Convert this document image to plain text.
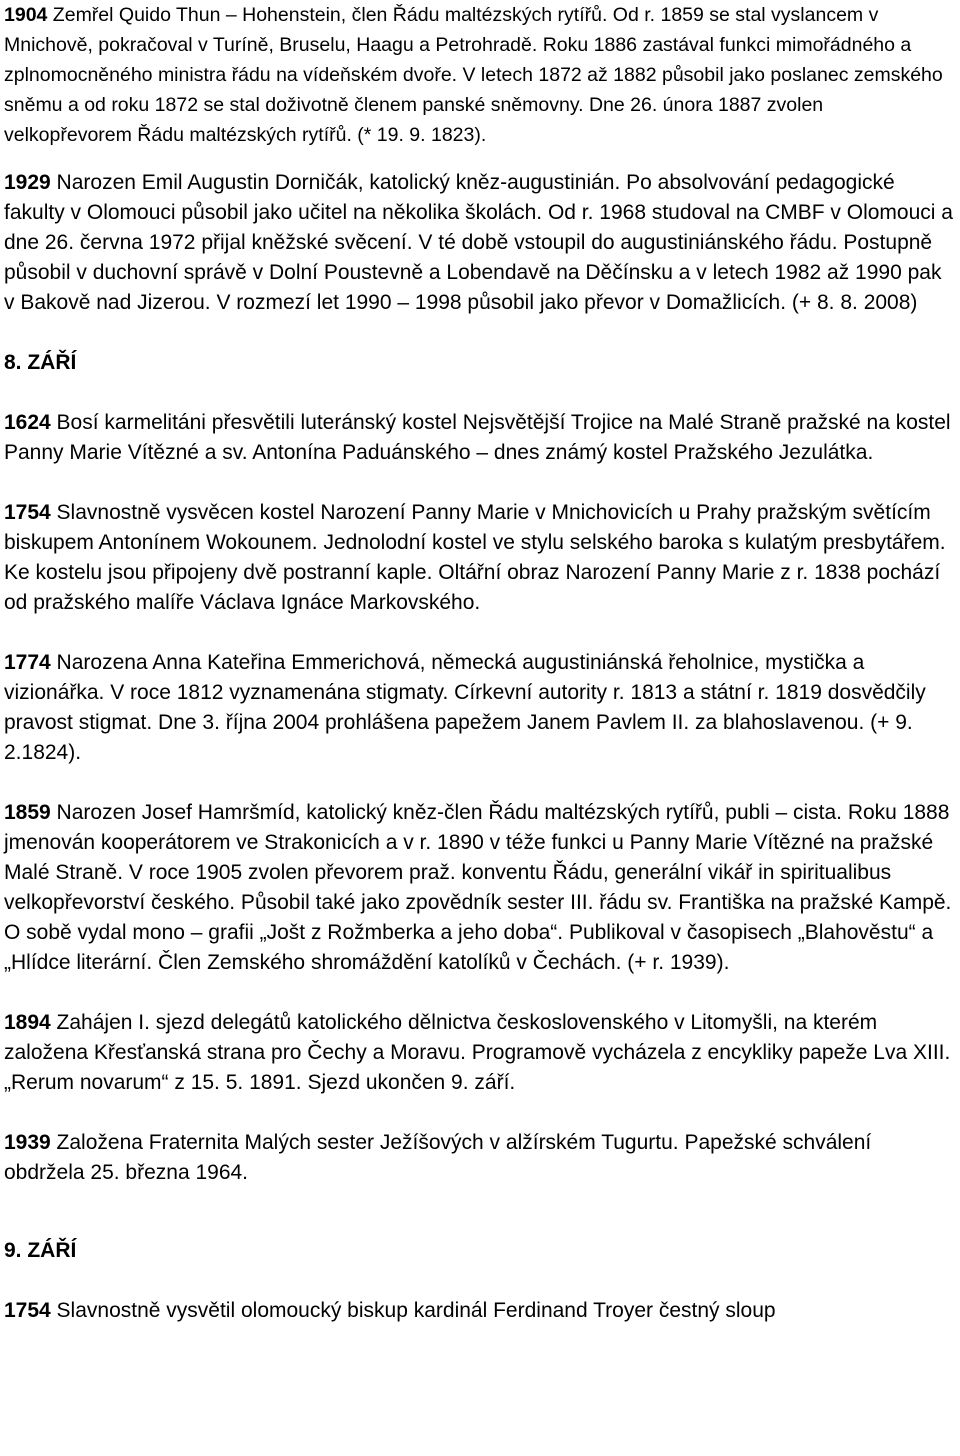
1904 Zemřel Quido Thun – Hohenstein, člen Řádu maltézských rytířů. Od r. 1859 se stal vyslancem v Mnichově, pokračoval v Turíně, Bruselu, Haagu a Petrohradě. Roku 1886 zastával funkci mimořádného a zplnomocněného ministra řádu na vídeňském dvoře. V letech 1872 až 1882 působil jako poslanec zemského sněmu a od roku 1872 se stal doživotně členem panské sněmovny. Dne 26. února 1887 zvolen velkopřevorem Řádu maltézských rytířů. (* 19. 9. 1823).

1929 Narozen Emil Augustin Dorničák, katolický kněz-augustinián. Po absolvování pedagogické fakulty v Olomouci působil jako učitel na několika školách. Od r. 1968 studoval na CMBF v Olomouci a dne 26. června 1972 přijal kněžské svěcení. V té době vstoupil do augustiniánského řádu. Postupně působil v duchovní správě v Dolní Poustevně a Lobendavě na Děčínsku a v letech 1982 až 1990 pak v Bakově nad Jizerou. V rozmezí let 1990 – 1998 působil jako převor v Domažlicích. (+ 8. 8. 2008)

8. ZÁŘÍ

1624 Bosí karmelitáni přesvětili luteránský kostel Nejsvětější Trojice na Malé Straně pražské na kostel Panny Marie Vítězné a sv. Antonína Paduánského – dnes známý kostel Pražského Jezulátka.

1754 Slavnostně vysvěcen kostel Narození Panny Marie v Mnichovicích u Prahy pražským světícím biskupem Antonínem Wokounem. Jednolodní kostel ve stylu selského baroka s kulatým presbytářem. Ke kostelu jsou připojeny dvě postranní kaple. Oltářní obraz Narození Panny Marie z r. 1838 pochází od pražského malíře Václava Ignáce Markovského.

1774 Narozena Anna Kateřina Emmerichová, německá augustiniánská řeholnice, mystička a vizionářka. V roce 1812 vyznamenána stigmaty. Církevní autority r. 1813 a státní r. 1819 dosvědčily pravost stigmat. Dne 3. října 2004 prohlášena papežem Janem Pavlem II. za blahoslavenou. (+ 9. 2.1824).

1859 Narozen Josef Hamršmíd, katolický kněz-člen Řádu maltézských rytířů, publi – cista. Roku 1888 jmenován kooperátorem ve Strakonicích a v r. 1890 v téže funkci u Panny Marie Vítězné na pražské Malé Straně. V roce 1905 zvolen převorem praž. konventu Řádu, generální vikář in spiritualibus velkopřevorství českého. Působil také jako zpovědník sester III. řádu sv. Františka na pražské Kampě. O sobě vydal mono – grafii „Jošt z Rožmberka a jeho doba“. Publikoval v časopisech „Blahověstu“ a „Hlídce literární. Člen Zemského shromáždění katolíků v Čechách. (+ r. 1939).

1894 Zahájen I. sjezd delegátů katolického dělnictva československého v Litomyšli, na kterém založena Křesťanská strana pro Čechy a Moravu. Programově vycházela z encykliky papeže Lva XIII. „Rerum novarum“ z 15. 5. 1891. Sjezd ukončen 9. září.

1939 Založena Fraternita Malých sester Ježíšových v alžírském Tugurtu. Papežské schválení obdržela 25. března 1964.

9. ZÁŘÍ

1754 Slavnostně vysvětil olomoucký biskup kardinál Ferdinand Troyer čestný sloup
